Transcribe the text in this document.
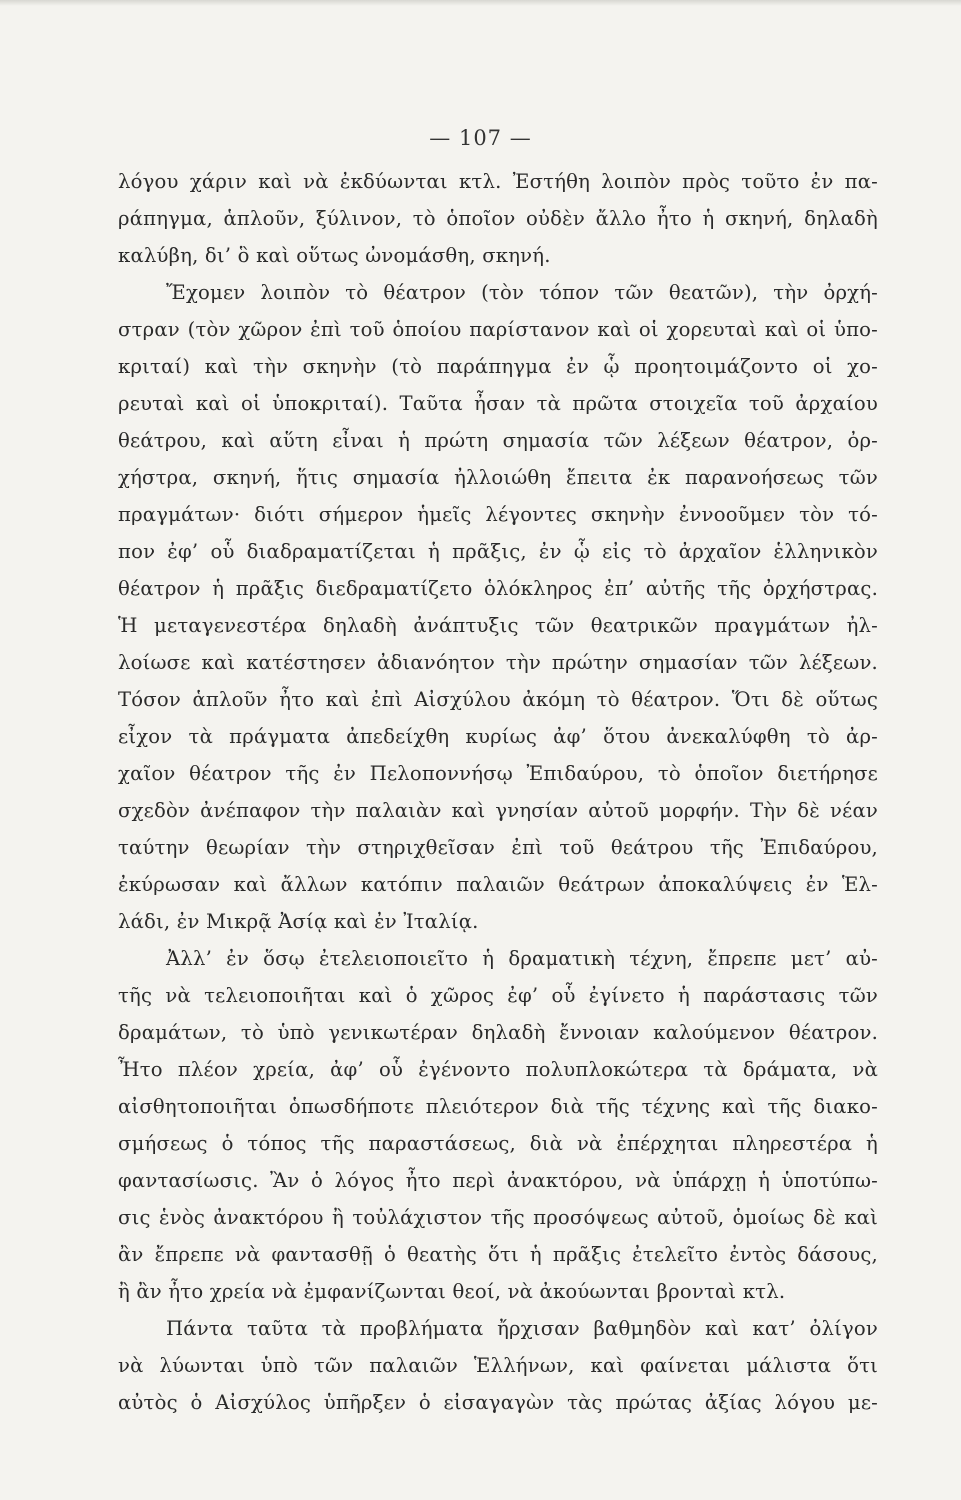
— 107 —
λόγου χάριν καὶ νὰ ἐκδύωνται κτλ. Ἐστήθη λοιπὸν πρὸς τοῦτο ἐν πα-
ράπηγμα, ἁπλοῦν, ξύλινον, τὸ ὁποῖον οὐδὲν ἄλλο ἦτο ἡ σκηνή, δηλαδὴ
καλύβη, δι’ ὃ καὶ οὕτως ὠνομάσθη, σκηνή.
Ἔχομεν λοιπὸν τὸ θέατρον (τὸν τόπον τῶν θεατῶν), τὴν ὀρχή-
στραν (τὸν χῶρον ἐπὶ τοῦ ὁποίου παρίστανον καὶ οἱ χορευταὶ καὶ οἱ ὑπο-
κριταί) καὶ τὴν σκηνὴν (τὸ παράπηγμα ἐν ᾧ προητοιμάζοντο οἱ χο-
ρευταὶ καὶ οἱ ὑποκριταί). Ταῦτα ἦσαν τὰ πρῶτα στοιχεῖα τοῦ ἀρχαίου
θεάτρου, καὶ αὕτη εἶναι ἡ πρώτη σημασία τῶν λέξεων θέατρον, ὀρ-
χήστρα, σκηνή, ἥτις σημασία ἠλλοιώθη ἔπειτα ἐκ παρανοήσεως τῶν
πραγμάτων· διότι σήμερον ἡμεῖς λέγοντες σκηνὴν ἐννοοῦμεν τὸν τό-
πον ἐφ’ οὗ διαδραματίζεται ἡ πρᾶξις, ἐν ᾧ εἰς τὸ ἀρχαῖον ἑλληνικὸν
θέατρον ἡ πρᾶξις διεδραματίζετο ὁλόκληρος ἐπ’ αὐτῆς τῆς ὀρχήστρας.
Ἡ μεταγενεστέρα δηλαδὴ ἀνάπτυξις τῶν θεατρικῶν πραγμάτων ἠλ-
λοίωσε καὶ κατέστησεν ἀδιανόητον τὴν πρώτην σημασίαν τῶν λέξεων.
Τόσον ἁπλοῦν ἦτο καὶ ἐπὶ Αἰσχύλου ἀκόμη τὸ θέατρον. Ὅτι δὲ οὕτως
εἶχον τὰ πράγματα ἀπεδείχθη κυρίως ἀφ’ ὅτου ἀνεκαλύφθη τὸ ἀρ-
χαῖον θέατρον τῆς ἐν Πελοποννήσῳ Ἐπιδαύρου, τὸ ὁποῖον διετήρησε
σχεδὸν ἀνέπαφον τὴν παλαιὰν καὶ γνησίαν αὐτοῦ μορφήν. Τὴν δὲ νέαν
ταύτην θεωρίαν τὴν στηριχθεῖσαν ἐπὶ τοῦ θεάτρου τῆς Ἐπιδαύρου,
ἐκύρωσαν καὶ ἄλλων κατόπιν παλαιῶν θεάτρων ἀποκαλύψεις ἐν Ἑλ-
λάδι, ἐν Μικρᾷ Ἀσίᾳ καὶ ἐν Ἰταλίᾳ.
Ἀλλ’ ἐν ὅσῳ ἐτελειοποιεῖτο ἡ δραματικὴ τέχνη, ἔπρεπε μετ’ αὐ-
τῆς νὰ τελειοποιῆται καὶ ὁ χῶρος ἐφ’ οὗ ἐγίνετο ἡ παράστασις τῶν
δραμάτων, τὸ ὑπὸ γενικωτέραν δηλαδὴ ἔννοιαν καλούμενον θέατρον.
Ἦτο πλέον χρεία, ἀφ’ οὗ ἐγένοντο πολυπλοκώτερα τὰ δράματα, νὰ
αἰσθητοποιῆται ὁπωσδήποτε πλειότερον διὰ τῆς τέχνης καὶ τῆς διακο-
σμήσεως ὁ τόπος τῆς παραστάσεως, διὰ νὰ ἐπέρχηται πληρεστέρα ἡ
φαντασίωσις. Ἂν ὁ λόγος ἦτο περὶ ἀνακτόρου, νὰ ὑπάρχῃ ἡ ὑποτύπω-
σις ἑνὸς ἀνακτόρου ἢ τοὐλάχιστον τῆς προσόψεως αὐτοῦ, ὁμοίως δὲ καὶ
ἂν ἔπρεπε νὰ φαντασθῇ ὁ θεατὴς ὅτι ἡ πρᾶξις ἐτελεῖτο ἐντὸς δάσους,
ἢ ἂν ἦτο χρεία νὰ ἐμφανίζωνται θεοί, νὰ ἀκούωνται βρονταὶ κτλ.
Πάντα ταῦτα τὰ προβλήματα ἤρχισαν βαθμηδὸν καὶ κατ’ ὀλίγον
νὰ λύωνται ὑπὸ τῶν παλαιῶν Ἑλλήνων, καὶ φαίνεται μάλιστα ὅτι
αὐτὸς ὁ Αἰσχύλος ὑπῆρξεν ὁ εἰσαγαγὼν τὰς πρώτας ἀξίας λόγου με-
